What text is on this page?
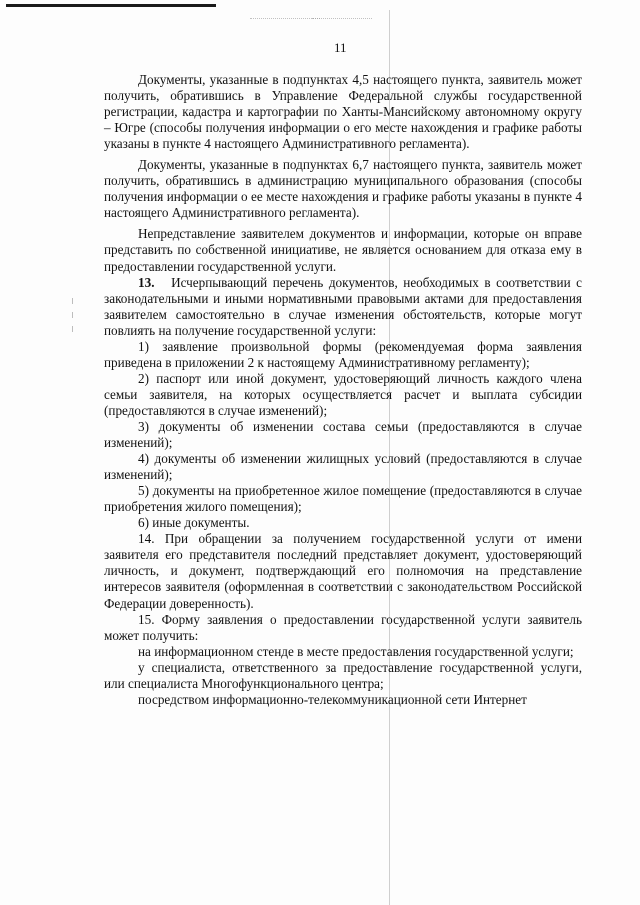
11

Документы, указанные в подпунктах 4,5 настоящего пункта, заявитель может получить, обратившись в Управление Федеральной службы государственной регистрации, кадастра и картографии по Ханты-Мансийскому автономному округу – Югре (способы получения информации о его месте нахождения и графике работы указаны в пункте 4 настоящего Административного регламента).

Документы, указанные в подпунктах 6,7 настоящего пункта, заявитель может получить, обратившись в администрацию муниципального образования (способы получения информации о ее месте нахождения и графике работы указаны в пункте 4 настоящего Административного регламента).

Непредставление заявителем документов и информации, которые он вправе представить по собственной инициативе, не является основанием для отказа ему в предоставлении государственной услуги.

13. Исчерпывающий перечень документов, необходимых в соответствии с законодательными и иными нормативными правовыми актами для предоставления заявителем самостоятельно в случае изменения обстоятельств, которые могут повлиять на получение государственной услуги:

1) заявление произвольной формы (рекомендуемая форма заявления приведена в приложении 2 к настоящему Административному регламенту);

2) паспорт или иной документ, удостоверяющий личность каждого члена семьи заявителя, на которых осуществляется расчет и выплата субсидии (предоставляются в случае изменений);

3) документы об изменении состава семьи (предоставляются в случае изменений);

4) документы об изменении жилищных условий (предоставляются в случае изменений);

5) документы на приобретенное жилое помещение (предоставляются в случае приобретения жилого помещения);

6) иные документы.

14. При обращении за получением государственной услуги от имени заявителя его представителя последний представляет документ, удостоверяющий личность, и документ, подтверждающий его полномочия на представление интересов заявителя (оформленная в соответствии с законодательством Российской Федерации доверенность).

15. Форму заявления о предоставлении государственной услуги заявитель может получить:

на информационном стенде в месте предоставления государственной услуги;

у специалиста, ответственного за предоставление государственной услуги, или специалиста Многофункционального центра;

посредством информационно-телекоммуникационной сети Интернет
